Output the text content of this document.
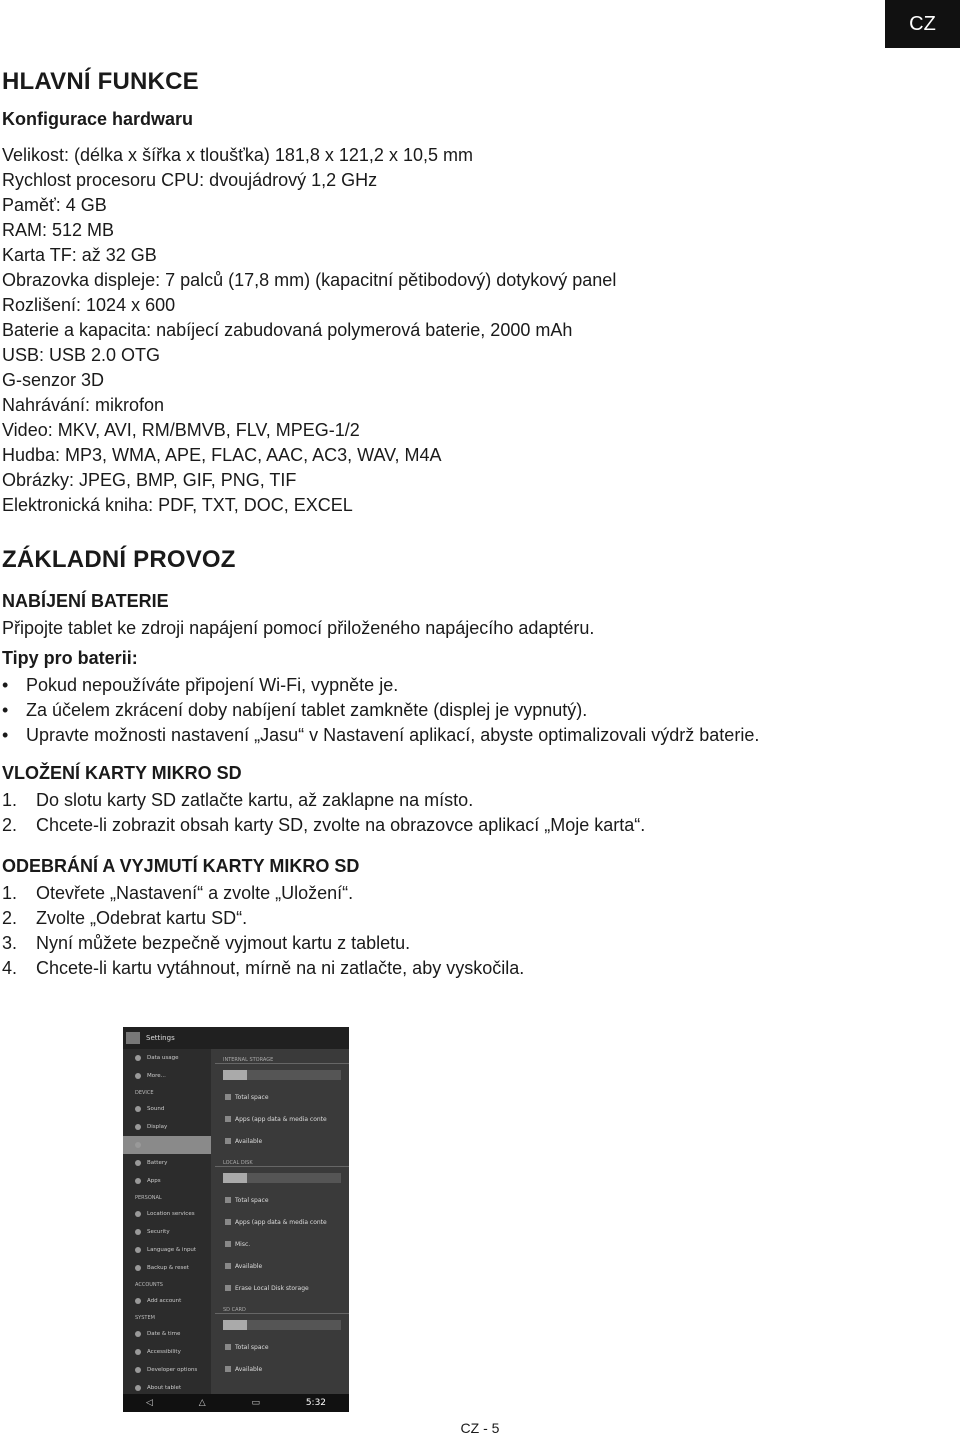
CZ
HLAVNÍ FUNKCE
Konfigurace hardwaru
Velikost: (délka x šířka x tloušťka) 181,8 x 121,2 x 10,5 mm
Rychlost procesoru CPU: dvoujádrový 1,2 GHz
Paměť: 4 GB
RAM: 512 MB
Karta TF: až 32 GB
Obrazovka displeje: 7 palců (17,8 mm) (kapacitní pětibodový) dotykový panel
Rozlišení: 1024 x 600
Baterie a kapacita: nabíjecí zabudovaná polymerová baterie, 2000 mAh
USB: USB 2.0 OTG
G-senzor 3D
Nahrávání: mikrofon
Video: MKV, AVI, RM/BMVB, FLV, MPEG-1/2
Hudba: MP3, WMA, APE, FLAC, AAC, AC3, WAV, M4A
Obrázky: JPEG, BMP, GIF, PNG, TIF
Elektronická kniha: PDF, TXT, DOC, EXCEL
ZÁKLADNÍ PROVOZ
NABÍJENÍ BATERIE
Připojte tablet ke zdroji napájení pomocí přiloženého napájecího adaptéru.
Tipy pro baterii:
• Pokud nepoužíváte připojení Wi-Fi, vypněte je.
• Za účelem zkrácení doby nabíjení tablet zamkněte (displej je vypnutý).
• Upravte možnosti nastavení „Jasu“ v Nastavení aplikací, abyste optimalizovali výdrž baterie.
VLOŽENÍ KARTY MIKRO SD
1.	Do slotu karty SD zatlačte kartu, až zaklapne na místo.
2.	Chcete-li zobrazit obsah karty SD, zvolte na obrazovce aplikací „Moje karta“.
ODEBRÁNÍ A VYJMUTÍ KARTY MIKRO SD
1.	Otevřete „Nastavení“ a zvolte „Uložení“.
2.	Zvolte „Odebrat kartu SD“.
3.	Nyní můžete bezpečně vyjmout kartu z tabletu.
4.	Chcete-li kartu vytáhnout, mírně na ni zatlačte, aby vyskočila.
Settings
Data usage
More...
DEVICE
Sound
Display
Battery
Apps
PERSONAL
Location services
Security
Language & input
Backup & reset
ACCOUNTS
Add account
SYSTEM
Date & time
Accessibility
Developer options
About tablet
INTERNAL STORAGE
Total space
Apps (app data & media conte
Available
LOCAL DISK
Total space
Apps (app data & media conte
Misc.
Available
Erase Local Disk storage
SD CARD
Total space
Available
◁	△	▭	5:32
CZ - 5
